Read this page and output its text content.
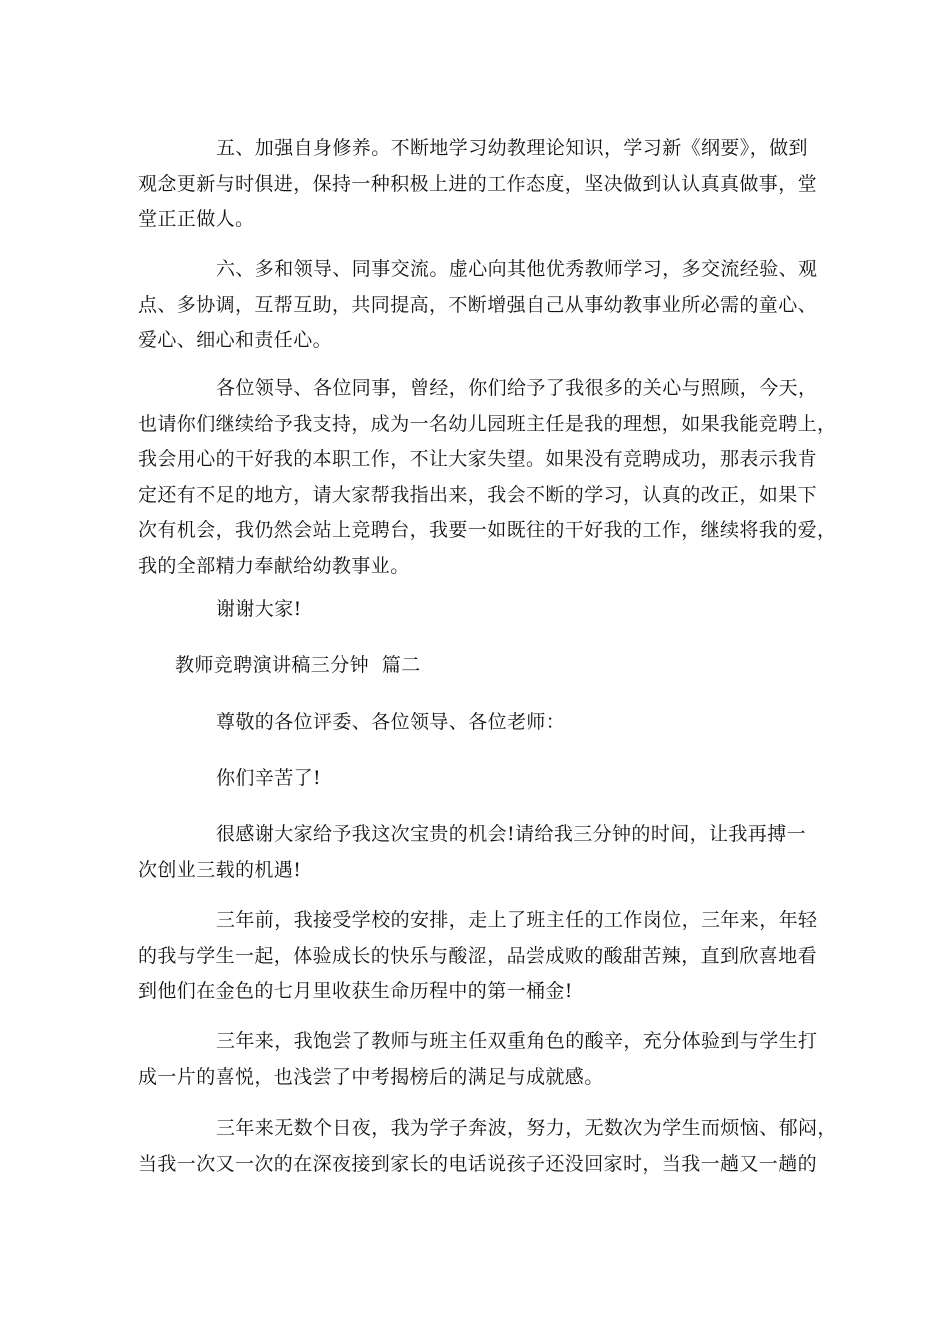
五、加强自身修养。不断地学习幼教理论知识，学习新《纲要》，做到
观念更新与时俱进，保持一种积极上进的工作态度，坚决做到认认真真做事，堂
堂正正做人。

六、多和领导、同事交流。虚心向其他优秀教师学习，多交流经验、观
点、多协调，互帮互助，共同提高，不断增强自己从事幼教事业所必需的童心、
爱心、细心和责任心。

各位领导、各位同事，曾经，你们给予了我很多的关心与照顾，今天，
也请你们继续给予我支持，成为一名幼儿园班主任是我的理想，如果我能竞聘上，
我会用心的干好我的本职工作，不让大家失望。如果没有竞聘成功，那表示我肯
定还有不足的地方，请大家帮我指出来，我会不断的学习，认真的改正，如果下
次有机会，我仍然会站上竞聘台，我要一如既往的干好我的工作，继续将我的爱，
我的全部精力奉献给幼教事业。

谢谢大家!

教师竞聘演讲稿三分钟  篇二

尊敬的各位评委、各位领导、各位老师：

你们辛苦了!

很感谢大家给予我这次宝贵的机会!请给我三分钟的时间，让我再搏一
次创业三载的机遇!

三年前，我接受学校的安排，走上了班主任的工作岗位，三年来，年轻
的我与学生一起，体验成长的快乐与酸涩，品尝成败的酸甜苦辣，直到欣喜地看
到他们在金色的七月里收获生命历程中的第一桶金!

三年来，我饱尝了教师与班主任双重角色的酸辛，充分体验到与学生打
成一片的喜悦，也浅尝了中考揭榜后的满足与成就感。

三年来无数个日夜，我为学子奔波，努力，无数次为学生而烦恼、郁闷，
当我一次又一次的在深夜接到家长的电话说孩子还没回家时，当我一趟又一趟的
